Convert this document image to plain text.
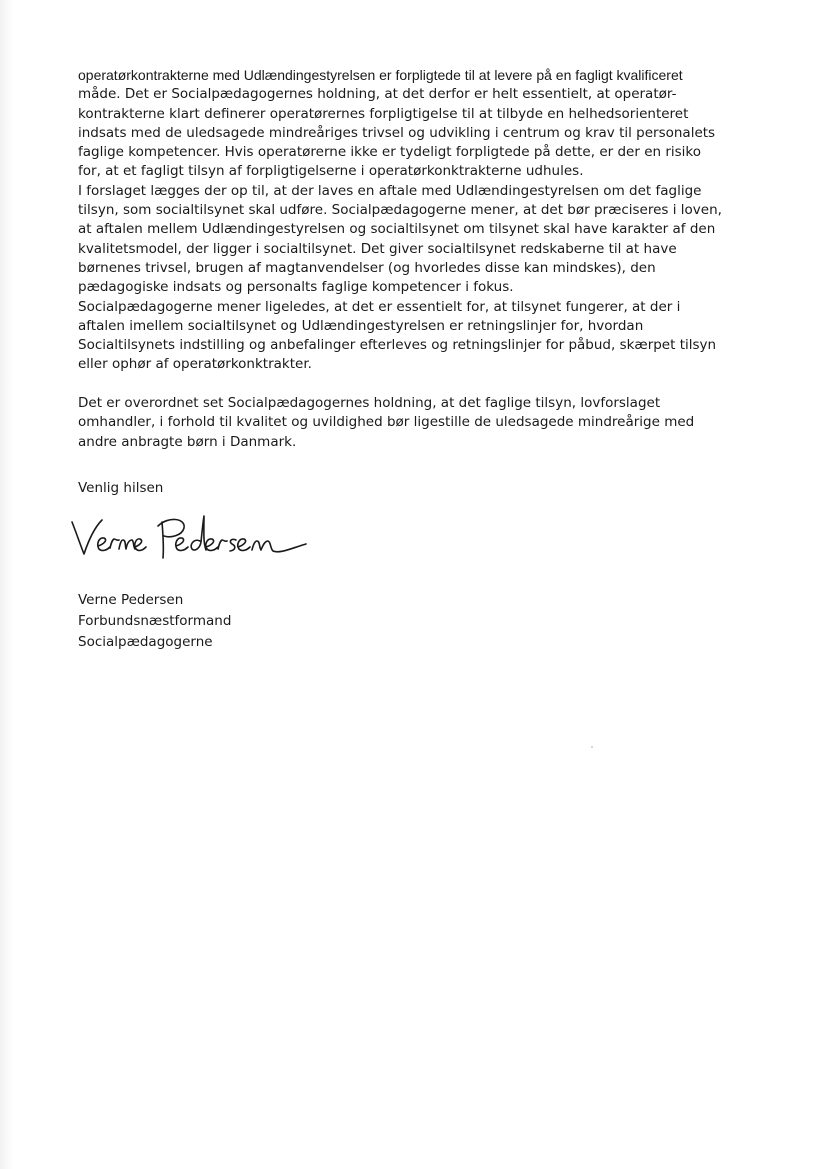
operatørkontrakterne med Udlændingestyrelsen er forpligtede til at levere på en fagligt kvalificeret
måde. Det er Socialpædagogernes holdning, at det derfor er helt essentielt, at operatør-
kontrakterne klart definerer operatørernes forpligtigelse til at tilbyde en helhedsorienteret
indsats med de uledsagede mindreåriges trivsel og udvikling i centrum og krav til personalets
faglige kompetencer. Hvis operatørerne ikke er tydeligt forpligtede på dette, er der en risiko
for, at et fagligt tilsyn af forpligtigelserne i operatørkonktrakterne udhules.
I forslaget lægges der op til, at der laves en aftale med Udlændingestyrelsen om det faglige
tilsyn, som socialtilsynet skal udføre. Socialpædagogerne mener, at det bør præciseres i loven,
at aftalen mellem Udlændingestyrelsen og socialtilsynet om tilsynet skal have karakter af den
kvalitetsmodel, der ligger i socialtilsynet. Det giver socialtilsynet redskaberne til at have
børnenes trivsel, brugen af magtanvendelser (og hvorledes disse kan mindskes), den
pædagogiske indsats og personalts faglige kompetencer i fokus.
Socialpædagogerne mener ligeledes, at det er essentielt for, at tilsynet fungerer, at der i
aftalen imellem socialtilsynet og Udlændingestyrelsen er retningslinjer for, hvordan
Socialtilsynets indstilling og anbefalinger efterleves og retningslinjer for påbud, skærpet tilsyn
eller ophør af operatørkonktrakter.
Det er overordnet set Socialpædagogernes holdning, at det faglige tilsyn, lovforslaget
omhandler, i forhold til kvalitet og uvildighed bør ligestille de uledsagede mindreårige med
andre anbragte børn i Danmark.
Venlig hilsen
Verne Pedersen
Forbundsnæstformand
Socialpædagogerne
